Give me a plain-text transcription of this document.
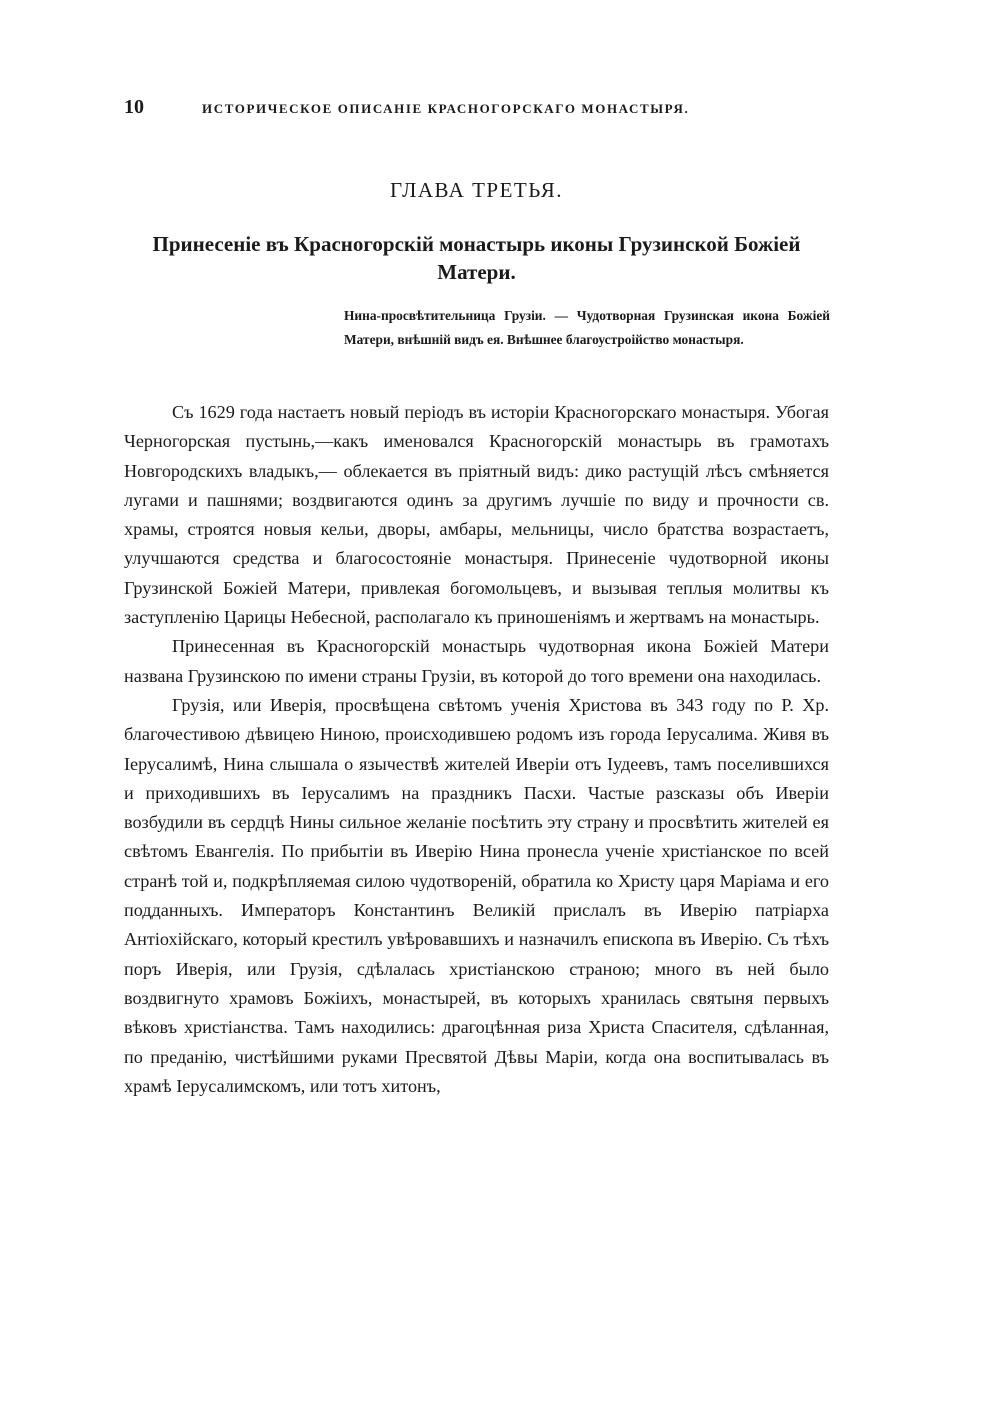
10	ИСТОРИЧЕСКОЕ ОПИСАНІЕ КРАСНОГОРСКАГО МОНАСТЫРЯ.
ГЛАВА ТРЕТЬЯ.
Принесеніе въ Красногорскій монастырь иконы Грузинской Божіей Матери.
Нина-просвѣтительница Грузіи. — Чудотворная Грузинская икона Божіей Матери, внѣшній видъ ея. Внѣшнее благоустроійство монастыря.

Съ 1629 года настаетъ новый періодъ въ исторіи Красногорскаго монастыря. Убогая Черногорская пустынь,—какъ именовался Красногорскій монастырь въ грамотахъ Новгородскихъ владыкъ,— облекается въ пріятный видъ: дико растущій лѣсъ смѣняется лугами и пашнями; воздвигаются одинъ за другимъ лучшіе по виду и прочности св. храмы, строятся новыя кельи, дворы, амбары, мельницы, число братства возрастаетъ, улучшаются средства и благосостояніе монастыря. Принесеніе чудотворной иконы Грузинской Божіей Матери, привлекая богомольцевъ, и вызывая теплыя молитвы къ заступленію Царицы Небесной, располагало къ приношеніямъ и жертвамъ на монастырь.

Принесенная въ Красногорскій монастырь чудотворная икона Божіей Матери названа Грузинскою по имени страны Грузіи, въ которой до того времени она находилась.

Грузія, или Иверія, просвѣщена свѣтомъ ученія Христова въ 343 году по Р. Хр. благочестивою дѣвицею Ниною, происходившею родомъ изъ города Іерусалима. Живя въ Іерусалимѣ, Нина слышала о язычествѣ жителей Иверіи отъ Іудеевъ, тамъ поселившихся и приходившихъ въ Іерусалимъ на праздникъ Пасхи. Частые разсказы объ Иверіи возбудили въ сердцѣ Нины сильное желаніе посѣтить эту страну и просвѣтить жителей ея свѣтомъ Евангелія. По прибытіи въ Иверію Нина пронесла ученіе христіанское по всей странѣ той и, подкрѣпляемая силою чудотвореній, обратила ко Христу царя Маріама и его подданныхъ. Императоръ Константинъ Великій прислалъ въ Иверію патріарха Антіохійскаго, который крестилъ увѣровавшихъ и назначилъ епископа въ Иверію. Съ тѣхъ поръ Иверія, или Грузія, сдѣлалась христіанскою страною; много въ ней было воздвигнуто храмовъ Божіихъ, монастырей, въ которыхъ хранилась святыня первыхъ вѣковъ христіанства. Тамъ находились: драгоцѣнная риза Христа Спасителя, сдѣланная, по преданію, чистѣйшими руками Пресвятой Дѣвы Маріи, когда она воспитывалась въ храмѣ Іерусалимскомъ, или тотъ хитонъ,
